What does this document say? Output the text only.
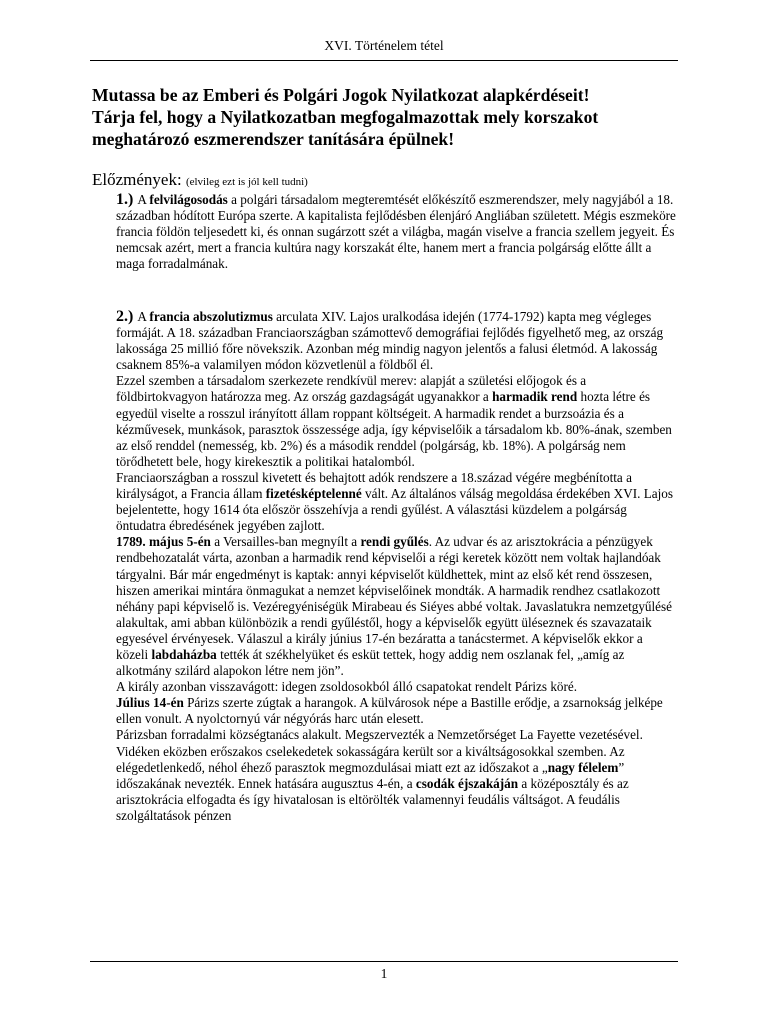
XVI. Történelem tétel
Mutassa be az Emberi és Polgári Jogok Nyilatkozat alapkérdéseit!
Tárja fel, hogy a Nyilatkozatban megfogalmazottak mely korszakot
meghatározó eszmerendszer tanítására épülnek!
Előzmények: (elvileg ezt is jól kell tudni)

1.) A felvilágosodás a polgári társadalom megteremtését előkészítő eszmerendszer, mely nagyjából a 18. században hódított Európa szerte. A kapitalista fejlődésben élenjáró Angliában született. Mégis eszmeköre francia földön teljesedett ki, és onnan sugárzott szét a világba, magán viselve a francia szellem jegyeit. És nemcsak azért, mert a francia kultúra nagy korszakát élte, hanem mert a francia polgárság előtte állt a maga forradalmának.

2.) A francia abszolutizmus arculata XIV. Lajos uralkodása idején (1774-1792) kapta meg végleges formáját. A 18. században Franciaországban számottevő demográfiai fejlődés figyelhető meg, az ország lakossága 25 millió főre növekszik. Azonban még mindig nagyon jelentős a falusi életmód. A lakosság csaknem 85%-a valamilyen módon közvetlenül a földből él.

Ezzel szemben a társadalom szerkezete rendkívül merev: alapját a születési előjogok és a földbirtokvagyon határozza meg. Az ország gazdagságát ugyanakkor a harmadik rend hozta létre és egyedül viselte a rosszul irányított állam roppant költségeit. A harmadik rendet a burzsoázia és a kézművesek, munkások, parasztok összessége adja, így képviselőik a társadalom kb. 80%-ának, szemben az első renddel (nemesség, kb. 2%) és a második renddel (polgárság, kb. 18%). A polgárság nem törődhetett bele, hogy kirekesztik a politikai hatalomból.

Franciaországban a rosszul kivetett és behajtott adók rendszere a 18.század végére megbénította a királyságot, a Francia állam fizetésképtelenné vált. Az általános válság megoldása érdekében XVI. Lajos bejelentette, hogy 1614 óta először összehívja a rendi gyűlést. A választási küzdelem a polgárság öntudatra ébredésének jegyében zajlott.

1789. május 5-én a Versailles-ban megnyílt a rendi gyűlés. Az udvar és az arisztokrácia a pénzügyek rendbehozatalát várta, azonban a harmadik rend képviselői a régi keretek között nem voltak hajlandóak tárgyalni. Bár már engedményt is kaptak: annyi képviselőt küldhettek, mint az első két rend összesen, hiszen amerikai mintára önmagukat a nemzet képviselőinek mondták. A harmadik rendhez csatlakozott néhány papi képviselő is. Vezéregyéniségük Mirabeau és Siéyes abbé voltak. Javaslatukra nemzetgyűlésé alakultak, ami abban különbözik a rendi gyűléstől, hogy a képviselők együtt üléseznek és szavazataik egyesével érvényesek. Válaszul a király június 17-én bezáratta a tanácstermet. A képviselők ekkor a közeli labdaházba tették át székhelyüket és esküt tettek, hogy addig nem oszlanak fel, „amíg az alkotmány szilárd alapokon létre nem jön”.

A király azonban visszavágott: idegen zsoldosokból álló csapatokat rendelt Párizs köré.

Július 14-én Párizs szerte zúgtak a harangok. A külvárosok népe a Bastille erődje, a zsarnokság jelképe ellen vonult. A nyolctornyú vár négyórás harc után elesett.

Párizsban forradalmi községtanács alakult. Megszervezték a Nemzetőrséget La Fayette vezetésével. Vidéken eközben erőszakos cselekedetek sokasságára került sor a kiváltságosokkal szemben. Az elégedetlenkedő, néhol éhező parasztok megmozdulásai miatt ezt az időszakot a „nagy félelem” időszakának nevezték. Ennek hatására augusztus 4-én, a csodák éjszakáján a középosztály és az arisztokrácia elfogadta és így hivatalosan is eltörölték valamennyi feudális váltságot. A feudális szolgáltatások pénzen

1
